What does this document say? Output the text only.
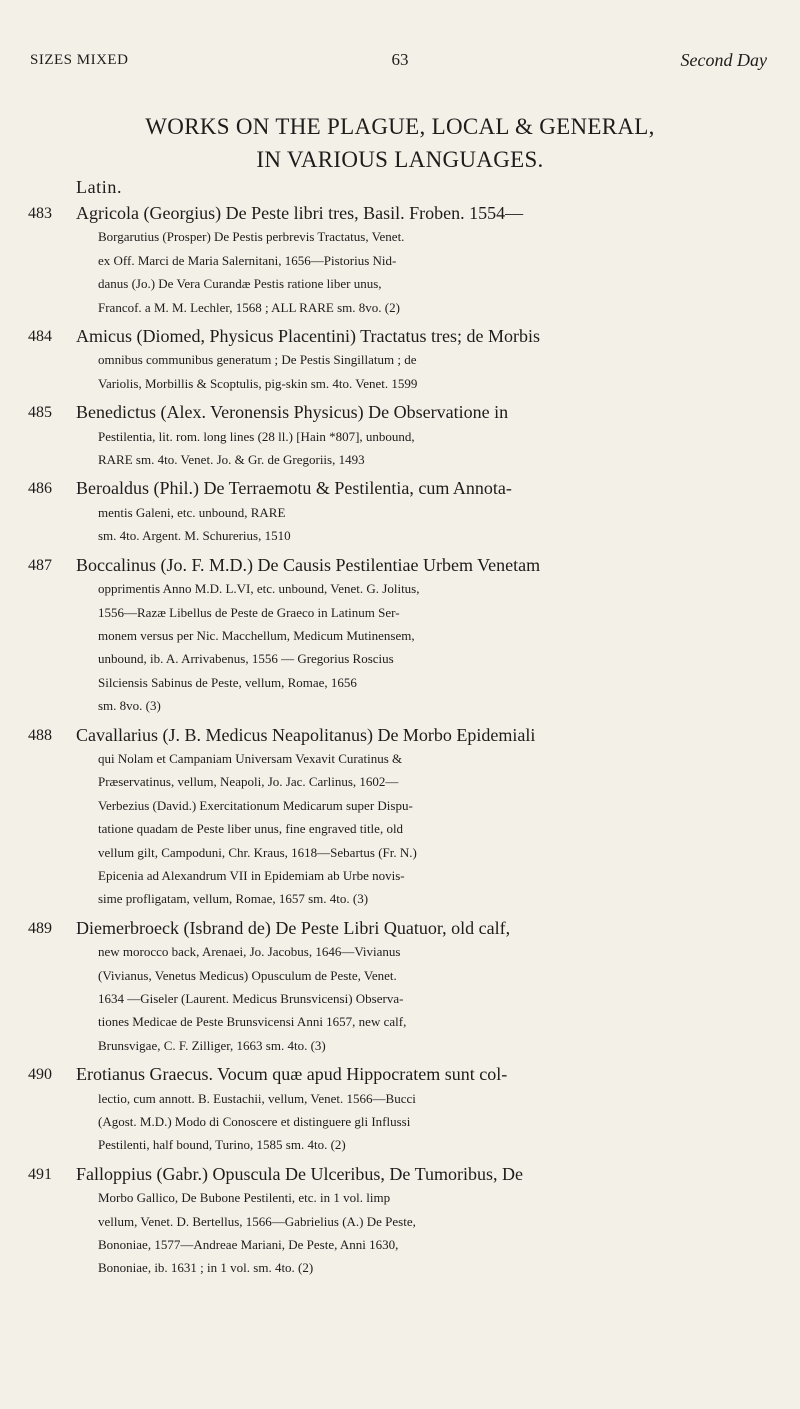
SIZES MIXED	63	Second Day
WORKS ON THE PLAGUE, LOCAL & GENERAL,
IN VARIOUS LANGUAGES.
Latin.
483 Agricola (Georgius) De Peste libri tres, Basil. Froben. 1554—
Borgarutius (Prosper) De Pestis perbrevis Tractatus, Venet.
ex Off. Marci de Maria Salernitani, 1656—Pistorius Nid-
danus (Jo.) De Vera Curandæ Pestis ratione liber unus,
Francof. a M. M. Lechler, 1568 ; ALL RARE sm. 8vo. (2)
484 Amicus (Diomed, Physicus Placentini) Tractatus tres; de Morbis
omnibus communibus generatum ; De Pestis Singillatum ; de
Variolis, Morbillis & Scoptulis, pig-skin sm. 4to. Venet. 1599
485 Benedictus (Alex. Veronensis Physicus) De Observatione in
Pestilentia, lit. rom. long lines (28 ll.) [Hain *807], unbound,
RARE sm. 4to. Venet. Jo. & Gr. de Gregoriis, 1493
486 Beroaldus (Phil.) De Terraemotu & Pestilentia, cum Annota-
mentis Galeni, etc. unbound, RARE
sm. 4to. Argent. M. Schurerius, 1510
487 Boccalinus (Jo. F. M.D.) De Causis Pestilentiae Urbem Venetam
opprimentis Anno M.D. L.VI, etc. unbound, Venet. G. Jolitus,
1556—Razæ Libellus de Peste de Graeco in Latinum Ser-
monem versus per Nic. Macchellum, Medicum Mutinensem,
unbound, ib. A. Arrivabenus, 1556 — Gregorius Roscius
Silciensis Sabinus de Peste, vellum, Romae, 1656
sm. 8vo. (3)
488 Cavallarius (J. B. Medicus Neapolitanus) De Morbo Epidemiali
qui Nolam et Campaniam Universam Vexavit Curatinus &
Præservatinus, vellum, Neapoli, Jo. Jac. Carlinus, 1602—
Verbezius (David.) Exercitationum Medicarum super Dispu-
tatione quadam de Peste liber unus, fine engraved title, old
vellum gilt, Campoduni, Chr. Kraus, 1618—Sebartus (Fr. N.)
Epicenia ad Alexandrum VII in Epidemiam ab Urbe novis-
sime profligatam, vellum, Romae, 1657 sm. 4to. (3)
489 Diemerbroeck (Isbrand de) De Peste Libri Quatuor, old calf,
new morocco back, Arenaei, Jo. Jacobus, 1646—Vivianus
(Vivianus, Venetus Medicus) Opusculum de Peste, Venet.
1634 —Giseler (Laurent. Medicus Brunsvicensi) Observa-
tiones Medicae de Peste Brunsvicensi Anni 1657, new calf,
Brunsvigae, C. F. Zilliger, 1663 sm. 4to. (3)
490 Erotianus Graecus. Vocum quæ apud Hippocratem sunt col-
lectio, cum annott. B. Eustachii, vellum, Venet. 1566—Bucci
(Agost. M.D.) Modo di Conoscere et distinguere gli Influssi
Pestilenti, half bound, Turino, 1585 sm. 4to. (2)
491 Falloppius (Gabr.) Opuscula De Ulceribus, De Tumoribus, De
Morbo Gallico, De Bubone Pestilenti, etc. in 1 vol. limp
vellum, Venet. D. Bertellus, 1566—Gabrielius (A.) De Peste,
Bononiae, 1577—Andreae Mariani, De Peste, Anni 1630,
Bononiae, ib. 1631 ; in 1 vol. sm. 4to. (2)
